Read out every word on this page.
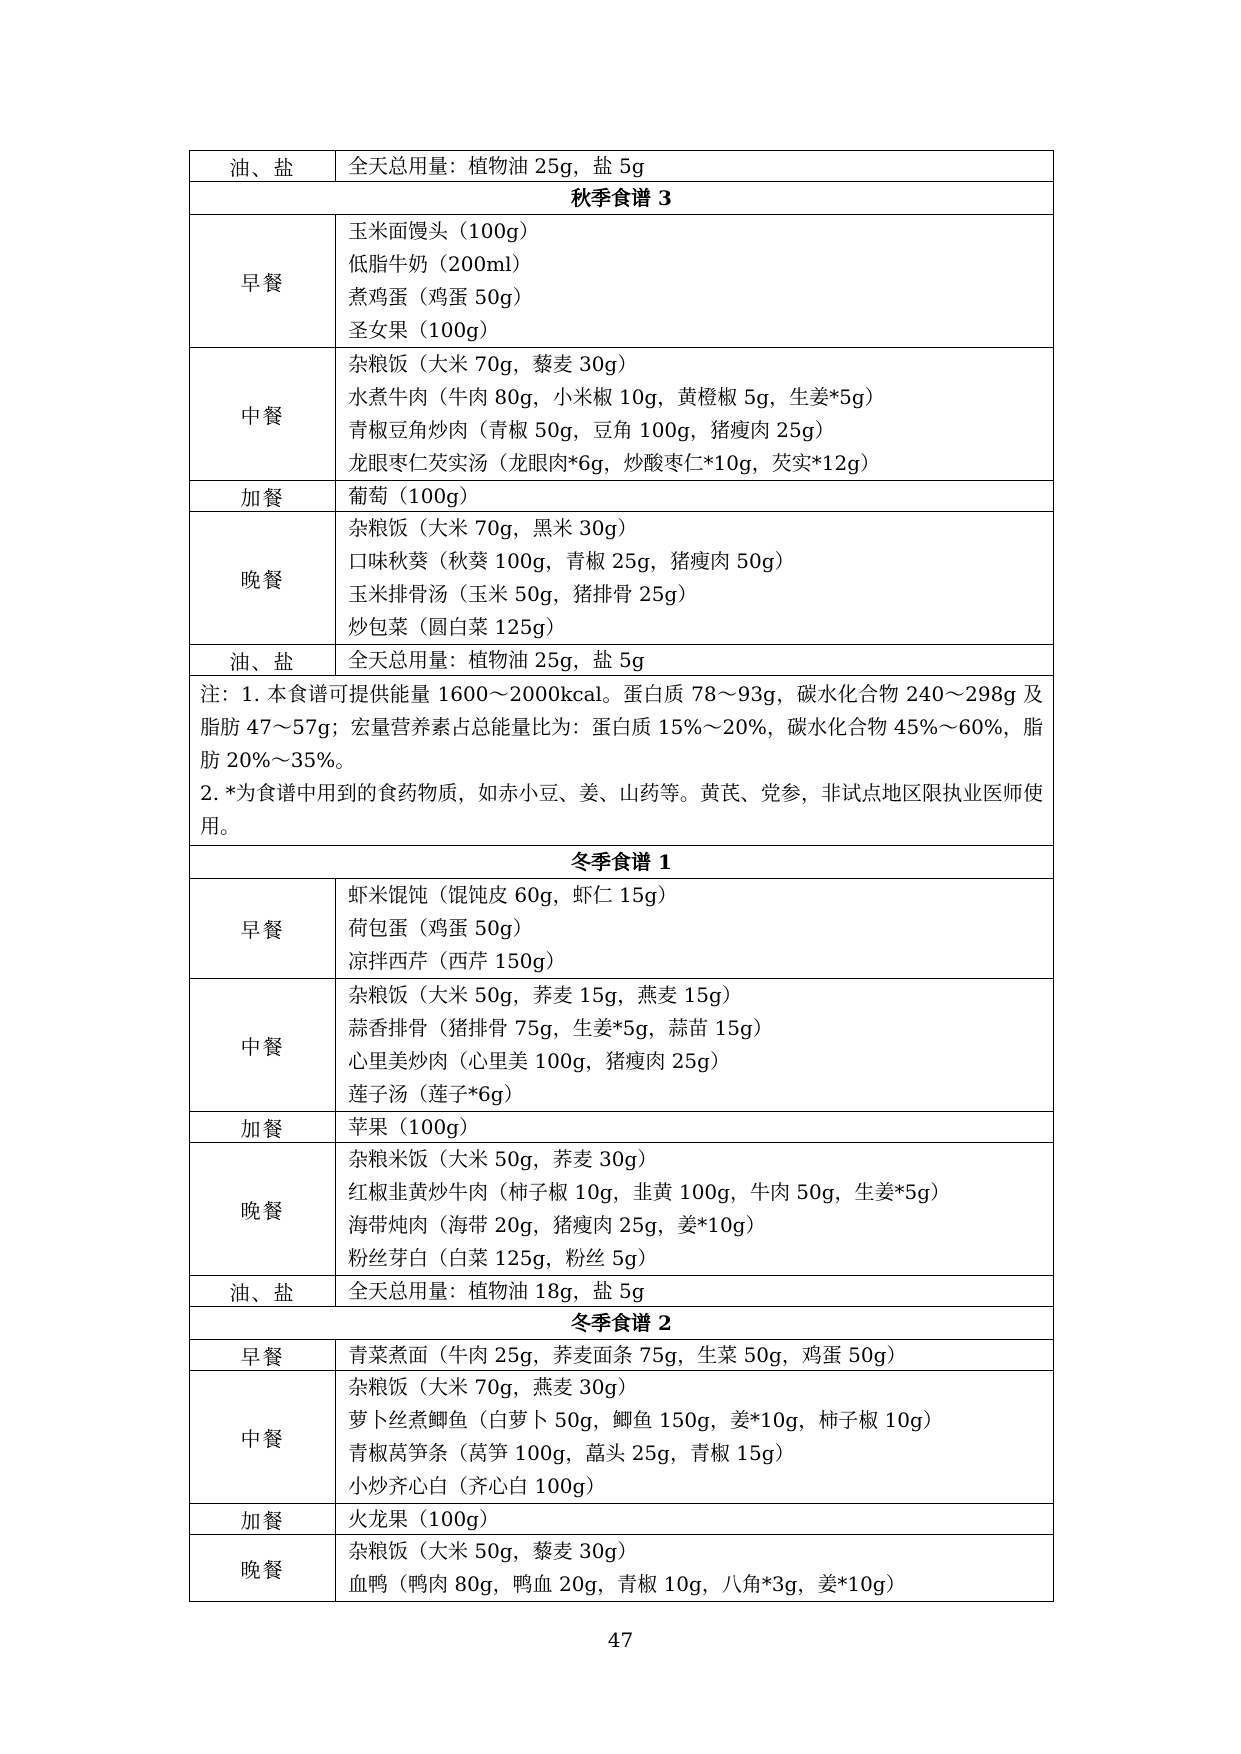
油、盐	全天总用量：植物油 25g，盐 5g

秋季食谱 3	
早餐	玉米面馒头（100g）
低脂牛奶（200ml）
煮鸡蛋（鸡蛋 50g）
圣女果（100g）

中餐	杂粮饭（大米 70g，藜麦 30g）
水煮牛肉（牛肉 80g，小米椒 10g，黄橙椒 5g，生姜*5g）
青椒豆角炒肉（青椒 50g，豆角 100g，猪瘦肉 25g）
龙眼枣仁芡实汤（龙眼肉*6g，炒酸枣仁*10g，芡实*12g）

加餐	葡萄（100g）

晚餐	杂粮饭（大米 70g，黑米 30g）
口味秋葵（秋葵 100g，青椒 25g，猪瘦肉 50g）
玉米排骨汤（玉米 50g，猪排骨 25g）
炒包菜（圆白菜 125g）

油、盐	全天总用量：植物油 25g，盐 5g

注：1. 本食谱可提供能量 1600～2000kcal。蛋白质 78～93g，碳水化合物 240～298g 及脂肪 47～57g；宏量营养素占总能量比为：蛋白质 15%～20%，碳水化合物 45%～60%，脂肪 20%～35%。
2. *为食谱中用到的食药物质，如赤小豆、姜、山药等。黄芪、党参，非试点地区限执业医师使用。	

冬季食谱 1	
早餐	虾米馄饨（馄饨皮 60g，虾仁 15g）
荷包蛋（鸡蛋 50g）
凉拌西芹（西芹 150g）

中餐	杂粮饭（大米 50g，荞麦 15g，燕麦 15g）
蒜香排骨（猪排骨 75g，生姜*5g，蒜苗 15g）
心里美炒肉（心里美 100g，猪瘦肉 25g）
莲子汤（莲子*6g）

加餐	苹果（100g）

晚餐	杂粮米饭（大米 50g，荞麦 30g）
红椒韭黄炒牛肉（柿子椒 10g，韭黄 100g，牛肉 50g，生姜*5g）
海带炖肉（海带 20g，猪瘦肉 25g，姜*10g）
粉丝芽白（白菜 125g，粉丝 5g）

油、盐	全天总用量：植物油 18g，盐 5g

冬季食谱 2	
早餐	青菜煮面（牛肉 25g，荞麦面条 75g，生菜 50g，鸡蛋 50g）

中餐	杂粮饭（大米 70g，燕麦 30g）
萝卜丝煮鲫鱼（白萝卜 50g，鲫鱼 150g，姜*10g，柿子椒 10g）
青椒莴笋条（莴笋 100g，藠头 25g，青椒 15g）
小炒齐心白（齐心白 100g）

加餐	火龙果（100g）

晚餐	杂粮饭（大米 50g，藜麦 30g）
血鸭（鸭肉 80g，鸭血 20g，青椒 10g，八角*3g，姜*10g）
47
